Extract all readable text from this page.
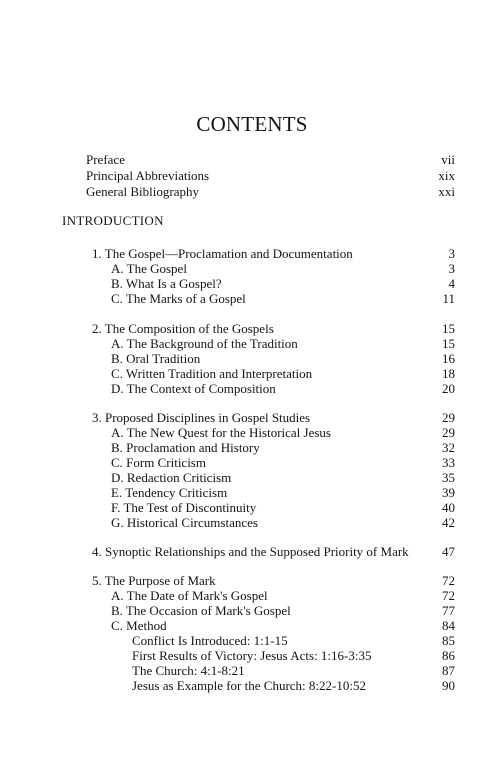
CONTENTS
Preface	vii
Principal Abbreviations	xix
General Bibliography	xxi
INTRODUCTION
1. The Gospel—Proclamation and Documentation	3
A. The Gospel	3
B. What Is a Gospel?	4
C. The Marks of a Gospel	11
2. The Composition of the Gospels	15
A. The Background of the Tradition	15
B. Oral Tradition	16
C. Written Tradition and Interpretation	18
D. The Context of Composition	20
3. Proposed Disciplines in Gospel Studies	29
A. The New Quest for the Historical Jesus	29
B. Proclamation and History	32
C. Form Criticism	33
D. Redaction Criticism	35
E. Tendency Criticism	39
F. The Test of Discontinuity	40
G. Historical Circumstances	42
4. Synoptic Relationships and the Supposed Priority of Mark	47
5. The Purpose of Mark	72
A. The Date of Mark's Gospel	72
B. The Occasion of Mark's Gospel	77
C. Method	84
Conflict Is Introduced: 1:1-15	85
First Results of Victory: Jesus Acts: 1:16-3:35	86
The Church: 4:1-8:21	87
Jesus as Example for the Church: 8:22-10:52	90
